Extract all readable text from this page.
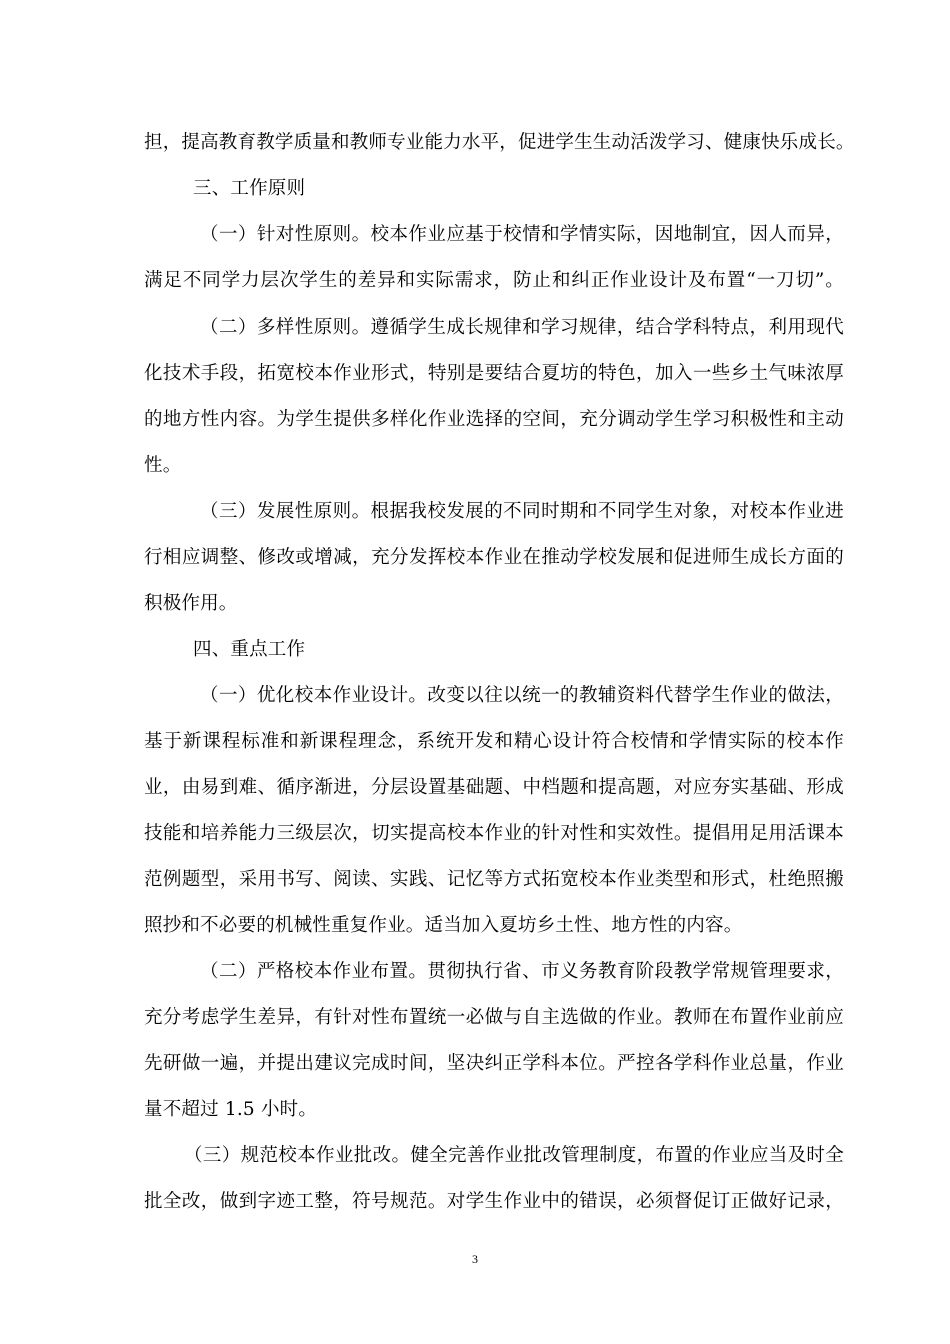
担，提高教育教学质量和教师专业能力水平，促进学生生动活泼学习、健康快乐成长。
三、工作原则
（一）针对性原则。校本作业应基于校情和学情实际，因地制宜，因人而异，
满足不同学力层次学生的差异和实际需求，防止和纠正作业设计及布置“一刀切”。
（二）多样性原则。遵循学生成长规律和学习规律，结合学科特点，利用现代
化技术手段，拓宽校本作业形式，特别是要结合夏坊的特色，加入一些乡土气味浓厚
的地方性内容。为学生提供多样化作业选择的空间，充分调动学生学习积极性和主动
性。
（三）发展性原则。根据我校发展的不同时期和不同学生对象，对校本作业进
行相应调整、修改或增减，充分发挥校本作业在推动学校发展和促进师生成长方面的
积极作用。
四、重点工作
（一）优化校本作业设计。改变以往以统一的教辅资料代替学生作业的做法，
基于新课程标准和新课程理念，系统开发和精心设计符合校情和学情实际的校本作
业，由易到难、循序渐进，分层设置基础题、中档题和提高题，对应夯实基础、形成
技能和培养能力三级层次，切实提高校本作业的针对性和实效性。提倡用足用活课本
范例题型，采用书写、阅读、实践、记忆等方式拓宽校本作业类型和形式，杜绝照搬
照抄和不必要的机械性重复作业。适当加入夏坊乡土性、地方性的内容。
（二）严格校本作业布置。贯彻执行省、市义务教育阶段教学常规管理要求，
充分考虑学生差异，有针对性布置统一必做与自主选做的作业。教师在布置作业前应
先研做一遍，并提出建议完成时间，坚决纠正学科本位。严控各学科作业总量，作业
量不超过 1.5 小时。
（三）规范校本作业批改。健全完善作业批改管理制度，布置的作业应当及时全
批全改，做到字迹工整，符号规范。对学生作业中的错误，必须督促订正做好记录，
3
